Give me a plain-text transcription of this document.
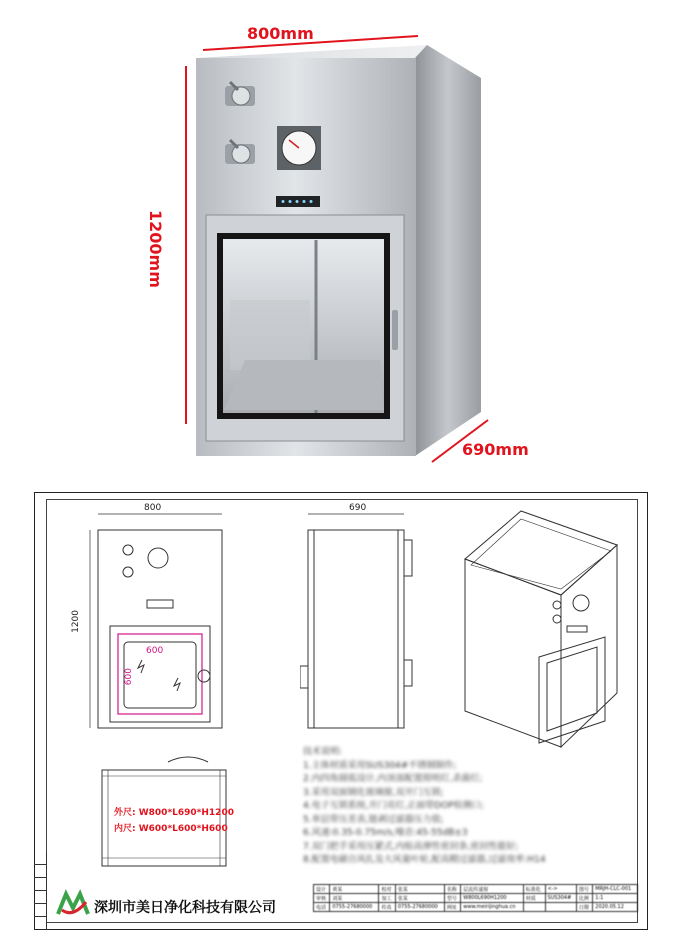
800mm
1200mm
690mm
800
1200
600
600
690
外尺: W800*L690*H1200
内尺: W600*L600*H600
技术说明:
1.主体材质采用SUS304#不锈钢制作;
2.内四角圆弧设计,内顶部配置照明灯,杀菌灯;
3.采用双面钢化玻璃窗,双开门互锁;
4.电子互锁系统,开门亮灯,正面带DOP检测口;
5.单层带压差表,链剥过滤器压力值;
6.风速:0.35-0.75m/s,噪音:45-55dB±3
7.双门把手采用压紧式,内贴高弹性密封条,密封性能好;
8.配置电磁自风扎及大风量叶轮,配高精过滤器,过滤效率:H14
深圳市美日净化科技有限公司
设计	黄某	校对	张某	名称	层流传递窗	标准化	<->	图号	MRJH-CLC-001
审核	刘某	加工	张某	型号	W800L690H1200	材质	SUS304#	比例	1:1
电话	0755-27680000	传真	0755-27680000	网址	www.meirijinghua.cn			日期	2020.05.12
